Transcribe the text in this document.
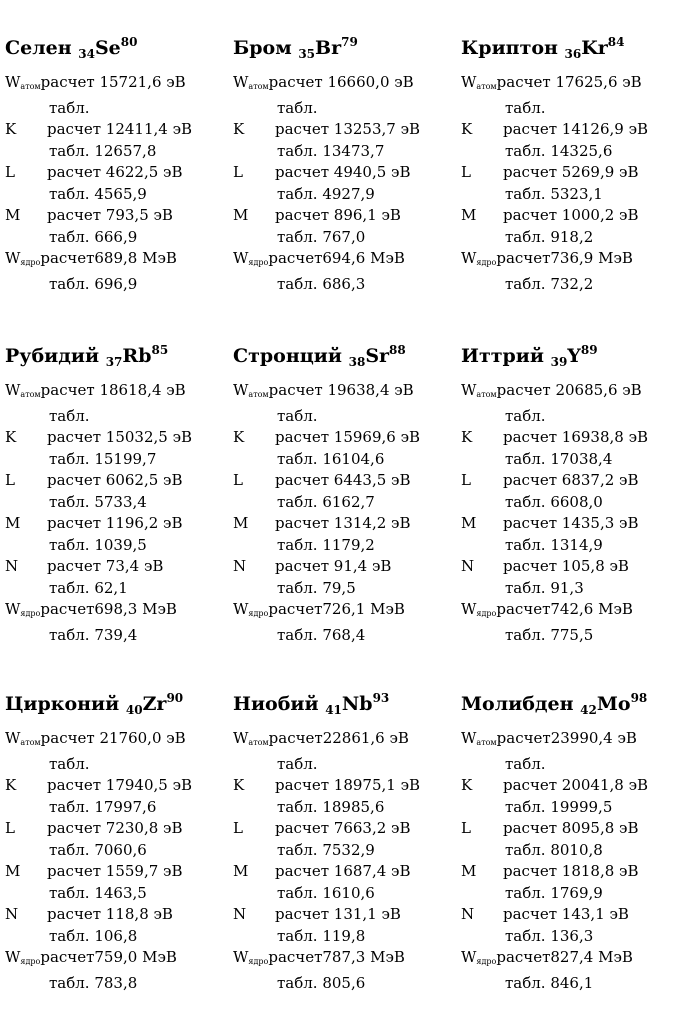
Селен $_{34}Se^{80}$
$W_{атом}$ расчет 15721,6 эВ
табл.
K	расчет 12411,4 эВ
табл. 12657,8
L	расчет 4622,5 эВ
табл. 4565,9
M	расчет 793,5 эВ
табл. 666,9
$W_{ядро}$ расчет689,8 МэВ
табл. 696,9
Бром $_{35}Br^{79}$
$W_{атом}$ расчет 16660,0 эВ
табл.
K	расчет 13253,7 эВ
табл. 13473,7
L	расчет 4940,5 эВ
табл. 4927,9
M	расчет 896,1 эВ
табл. 767,0
$W_{ядро}$ расчет694,6 МэВ
табл. 686,3
Криптон $_{36}Kr^{84}$
$W_{атом}$ расчет 17625,6 эВ
табл.
K	расчет 14126,9 эВ
табл. 14325,6
L	расчет 5269,9 эВ
табл. 5323,1
M	расчет 1000,2 эВ
табл. 918,2
$W_{ядро}$ расчет736,9 МэВ
табл. 732,2
Рубидий $_{37}Rb^{85}$
$W_{атом}$ расчет 18618,4 эВ
табл.
K	расчет 15032,5 эВ
табл. 15199,7
L	расчет 6062,5 эВ
табл. 5733,4
M	расчет 1196,2 эВ
табл. 1039,5
N	расчет 73,4 эВ
табл. 62,1
$W_{ядро}$ расчет698,3 МэВ
табл. 739,4
Стронций $_{38}Sr^{88}$
$W_{атом}$ расчет 19638,4 эВ
табл.
K	расчет 15969,6 эВ
табл. 16104,6
L	расчет 6443,5 эВ
табл. 6162,7
M	расчет 1314,2 эВ
табл. 1179,2
N	расчет 91,4 эВ
табл. 79,5
$W_{ядро}$ расчет726,1 МэВ
табл. 768,4
Иттрий $_{39}Y^{89}$
$W_{атом}$ расчет 20685,6 эВ
табл.
K	расчет 16938,8 эВ
табл. 17038,4
L	расчет 6837,2 эВ
табл. 6608,0
M	расчет 1435,3 эВ
табл. 1314,9
N	расчет 105,8 эВ
табл. 91,3
$W_{ядро}$ расчет742,6 МэВ
табл. 775,5
Цирконий $_{40}Zr^{90}$
$W_{атом}$ расчет 21760,0 эВ
табл.
K	расчет 17940,5 эВ
табл. 17997,6
L	расчет 7230,8 эВ
табл. 7060,6
M	расчет 1559,7 эВ
табл. 1463,5
N	расчет 118,8 эВ
табл. 106,8
$W_{ядро}$ расчет759,0 МэВ
табл. 783,8
Ниобий $_{41}Nb^{93}$
$W_{атом}$ расчет22861,6 эВ
табл.
K	расчет 18975,1 эВ
табл. 18985,6
L	расчет 7663,2 эВ
табл. 7532,9
M	расчет 1687,4 эВ
табл. 1610,6
N	расчет 131,1 эВ
табл. 119,8
$W_{ядро}$ расчет787,3 МэВ
табл. 805,6
Молибден $_{42}Mo^{98}$
$W_{атом}$ расчет23990,4 эВ
табл.
K	расчет 20041,8 эВ
табл. 19999,5
L	расчет 8095,8 эВ
табл. 8010,8
M	расчет 1818,8 эВ
табл. 1769,9
N	расчет 143,1 эВ
табл. 136,3
$W_{ядро}$ расчет827,4 МэВ
табл. 846,1
